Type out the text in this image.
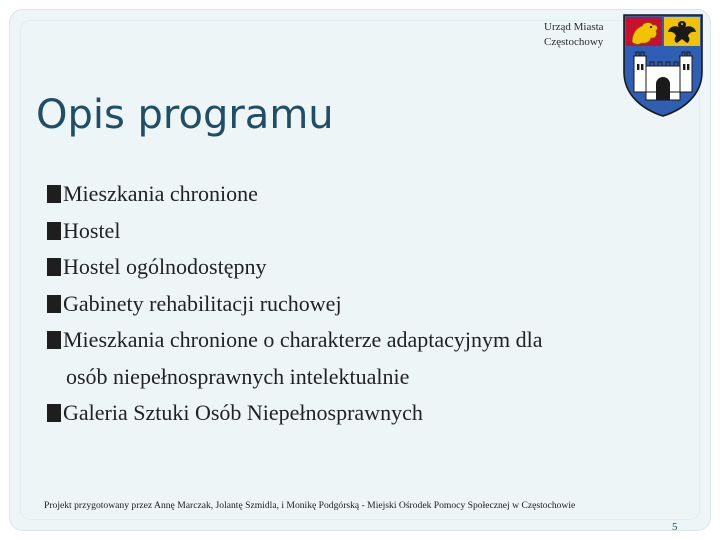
Urząd Miasta
Częstochowy
Opis programu
Mieszkania chronione
Hostel
Hostel ogólnodostępny
Gabinety rehabilitacji ruchowej
Mieszkania chronione o charakterze adaptacyjnym dla
osób niepełnosprawnych intelektualnie
Galeria Sztuki Osób Niepełnosprawnych
Projekt przygotowany przez Annę Marczak, Jolantę Szmidla, i Monikę Podgórską - Miejski Ośrodek Pomocy Społecznej w Częstochowie
5
